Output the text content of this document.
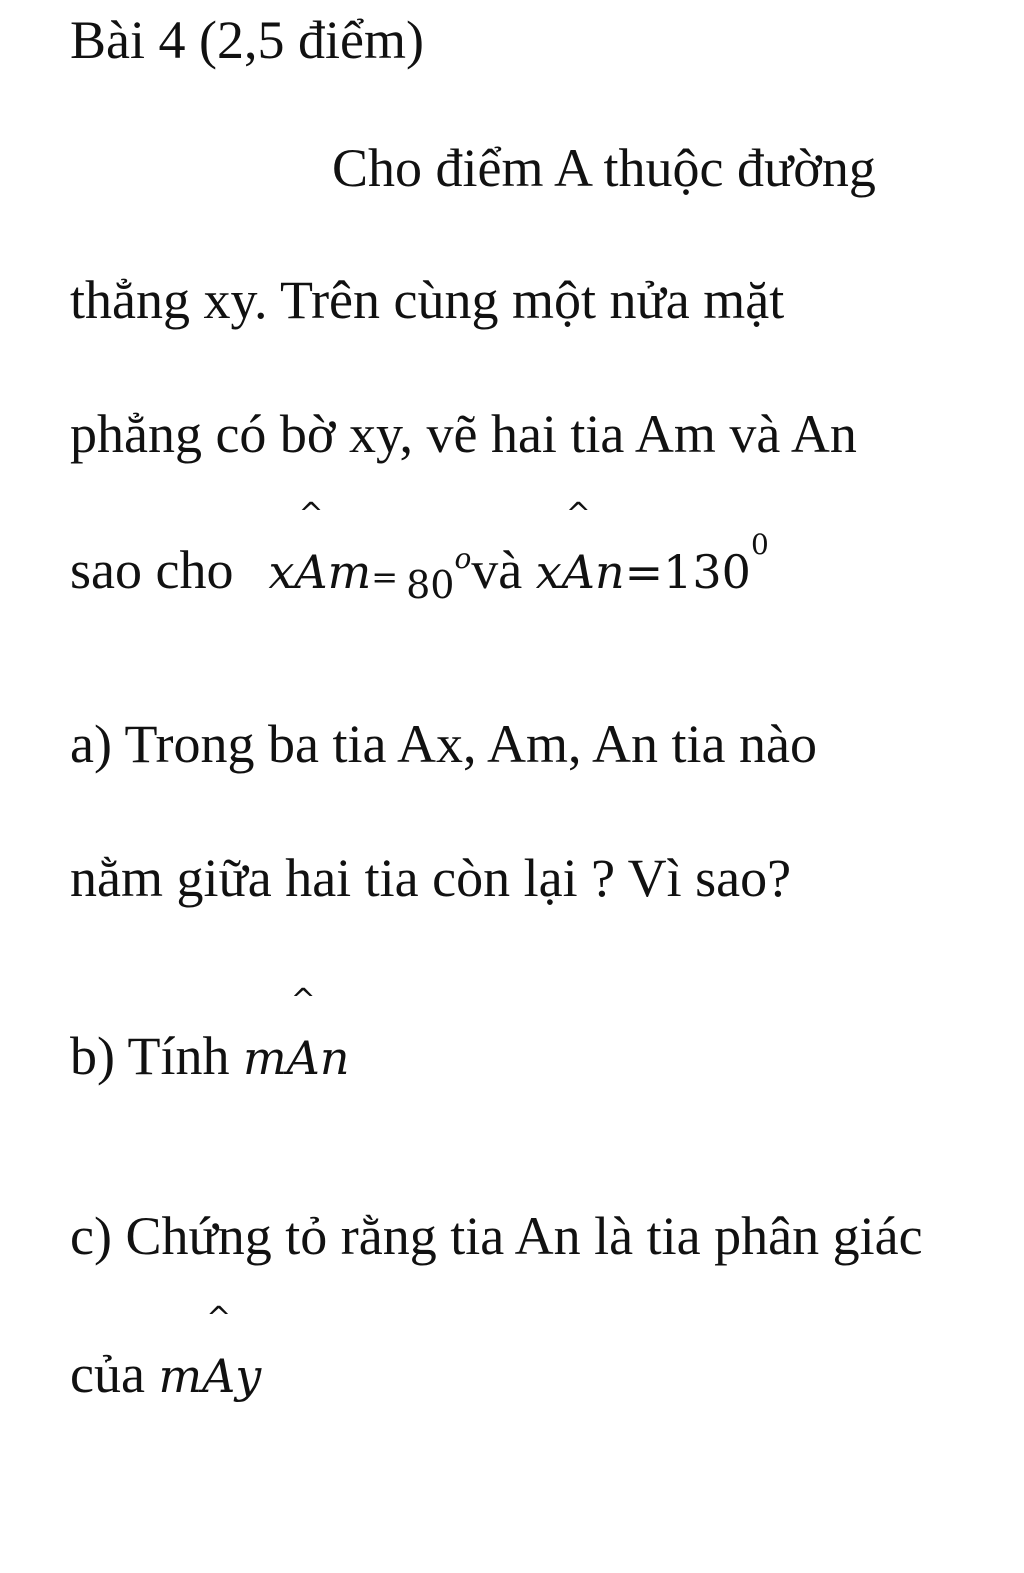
Bài 4 (2,5 điểm)
Cho điểm A thuộc đường
thẳng xy. Trên cùng một nửa mặt
phẳng có bờ xy, vẽ hai tia Am và An
sao cho xA
^
$m= 80^ovà$ xA
^
$n=130^0$
a) Trong ba tia Ax, Am, An tia nào
nằm giữa hai tia còn lại ? Vì sao?
b) Tính mA
^
n
c) Chứng tỏ rằng tia An là tia phân giác
của mA
^
y
